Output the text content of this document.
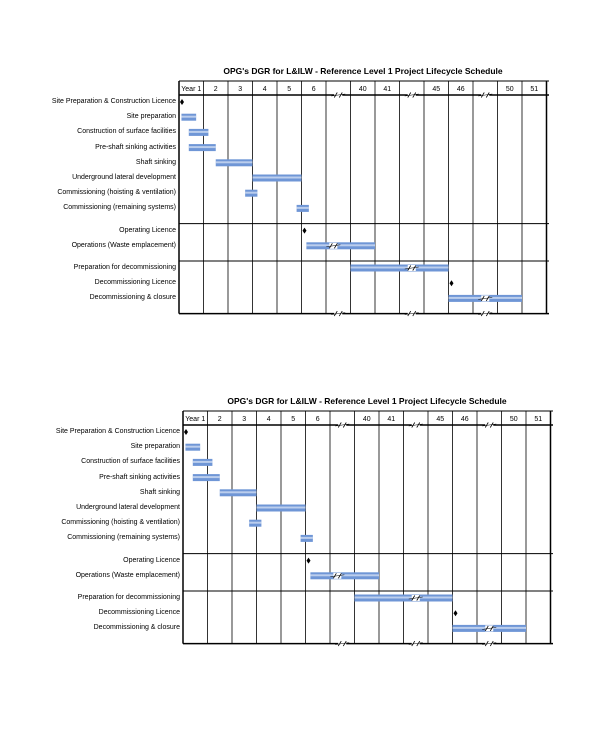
OPG's DGR for L&ILW - Reference Level 1 Project Lifecycle Schedule
Site Preparation & Construction Licence
Site preparation
Construction of surface facilities
Pre-shaft sinking activities
Shaft sinking
Underground lateral development
Commissioning (hoisting & ventilation)
Commissioning (remaining systems)
Operating Licence
Operations (Waste emplacement)
Preparation for decommissioning
Decommissioning Licence
Decommissioning & closure
Year 1 2	3	4	5	6	40 41	45 46	50 51
OPG's DGR for L&ILW - Reference Level 1 Project Lifecycle Schedule
Site Preparation & Construction Licence
Site preparation
Construction of surface facilities
Pre-shaft sinking activities
Shaft sinking
Underground lateral development
Commissioning (hoisting & ventilation)
Commissioning (remaining systems)
Operating Licence
Operations (Waste emplacement)
Preparation for decommissioning
Decommissioning Licence
Decommissioning & closure
Year 1 2	3	4	5	6	40 41	45 46	50 51
